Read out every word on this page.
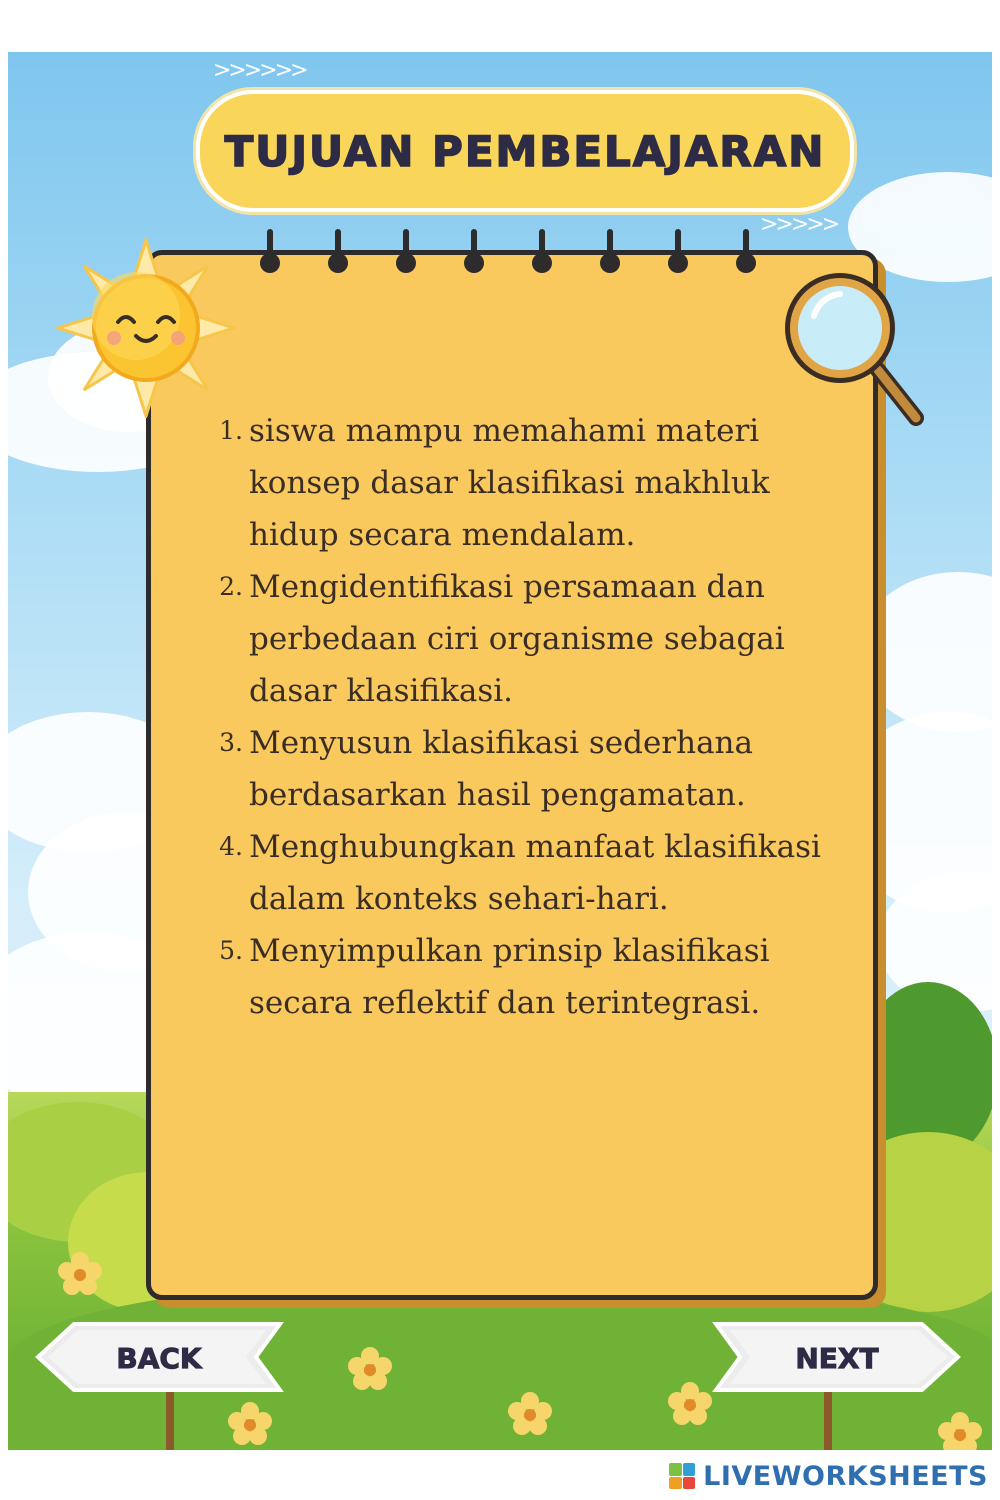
>>>>>>
>>>>>
TUJUAN PEMBELAJARAN
1. siswa mampu memahami materi
konsep dasar klasifikasi makhluk
hidup secara mendalam.
2. Mengidentifikasi persamaan dan
perbedaan ciri organisme sebagai
dasar klasifikasi.
3. Menyusun klasifikasi sederhana
berdasarkan hasil pengamatan.
4. Menghubungkan manfaat klasifikasi
dalam konteks sehari-hari.
5. Menyimpulkan prinsip klasifikasi
secara reflektif dan terintegrasi.
BACK	NEXT
LIVEWORKSHEETS
